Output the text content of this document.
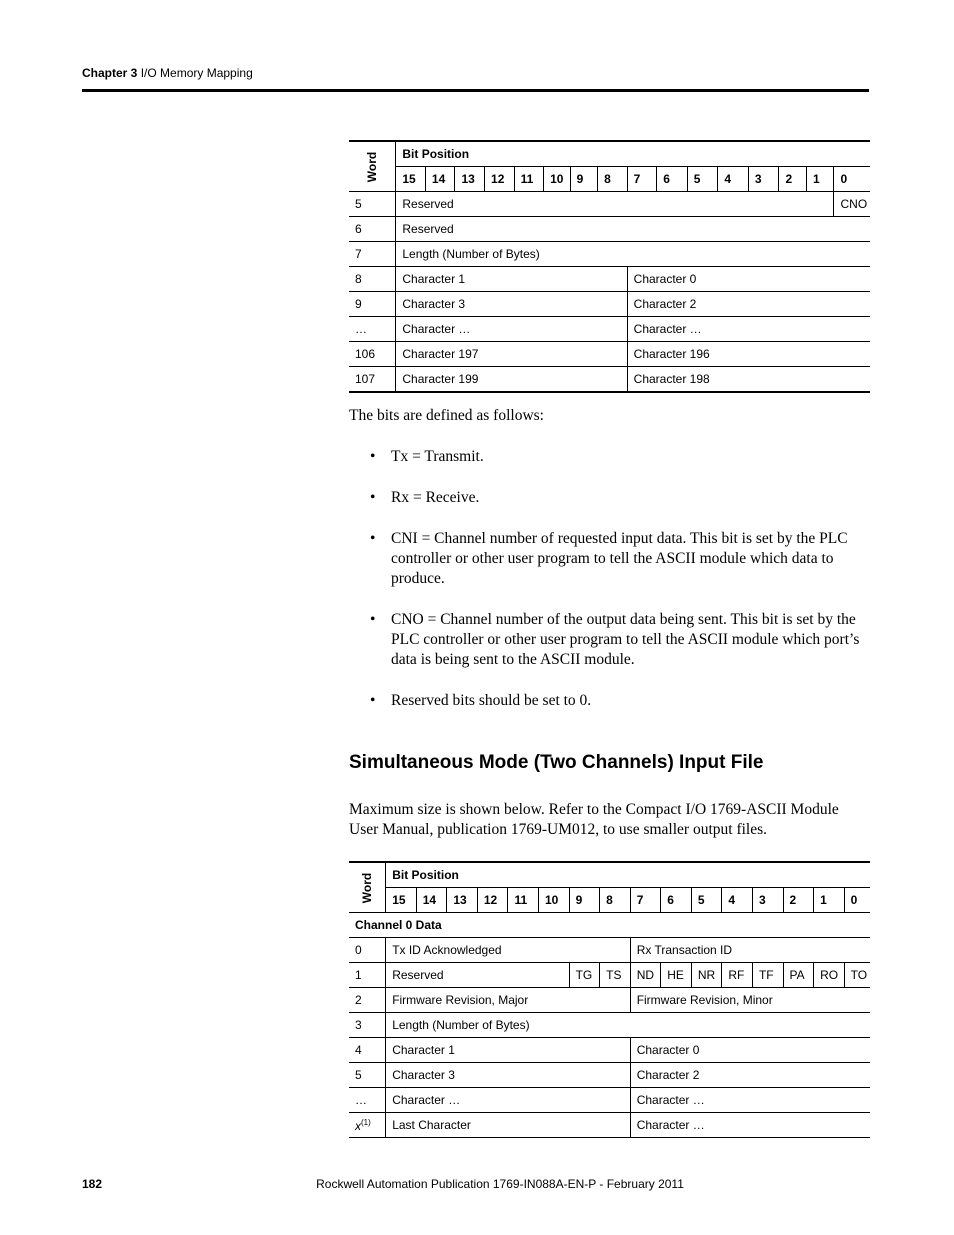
Chapter 3 I/O Memory Mapping
Word	Bit Position															
	15	14	13	12	11	10	9	8	7	6	5	4	3	2	1	0
5	Reserved															CNO
6	Reserved															
7	Length (Number of Bytes)															
8	Character 1								Character 0							
9	Character 3								Character 2							
…	Character …								Character …							
106	Character 197								Character 196							
107	Character 199								Character 198							
The bits are defined as follows:
• Tx = Transmit.
• Rx = Receive.
• CNI = Channel number of requested input data. This bit is set by the PLC controller or other user program to tell the ASCII module which data to produce.
• CNO = Channel number of the output data being sent. This bit is set by the PLC controller or other user program to tell the ASCII module which port’s data is being sent to the ASCII module.
• Reserved bits should be set to 0.
Simultaneous Mode (Two Channels) Input File
Maximum size is shown below. Refer to the Compact I/O 1769-ASCII Module User Manual, publication 1769-UM012, to use smaller output files.
Word	Bit Position															
	15	14	13	12	11	10	9	8	7	6	5	4	3	2	1	0
Channel 0 Data																
0	Tx ID Acknowledged								Rx Transaction ID							
1	Reserved						TG	TS	ND	HE	NR	RF	TF	PA	RO	TO
2	Firmware Revision, Major								Firmware Revision, Minor							
3	Length (Number of Bytes)															
4	Character 1								Character 0							
5	Character 3								Character 2							
…	Character …								Character …							
$x^{(1)}$	Last Character								Character …							
182	Rockwell Automation Publication 1769-IN088A-EN-P - February 2011
